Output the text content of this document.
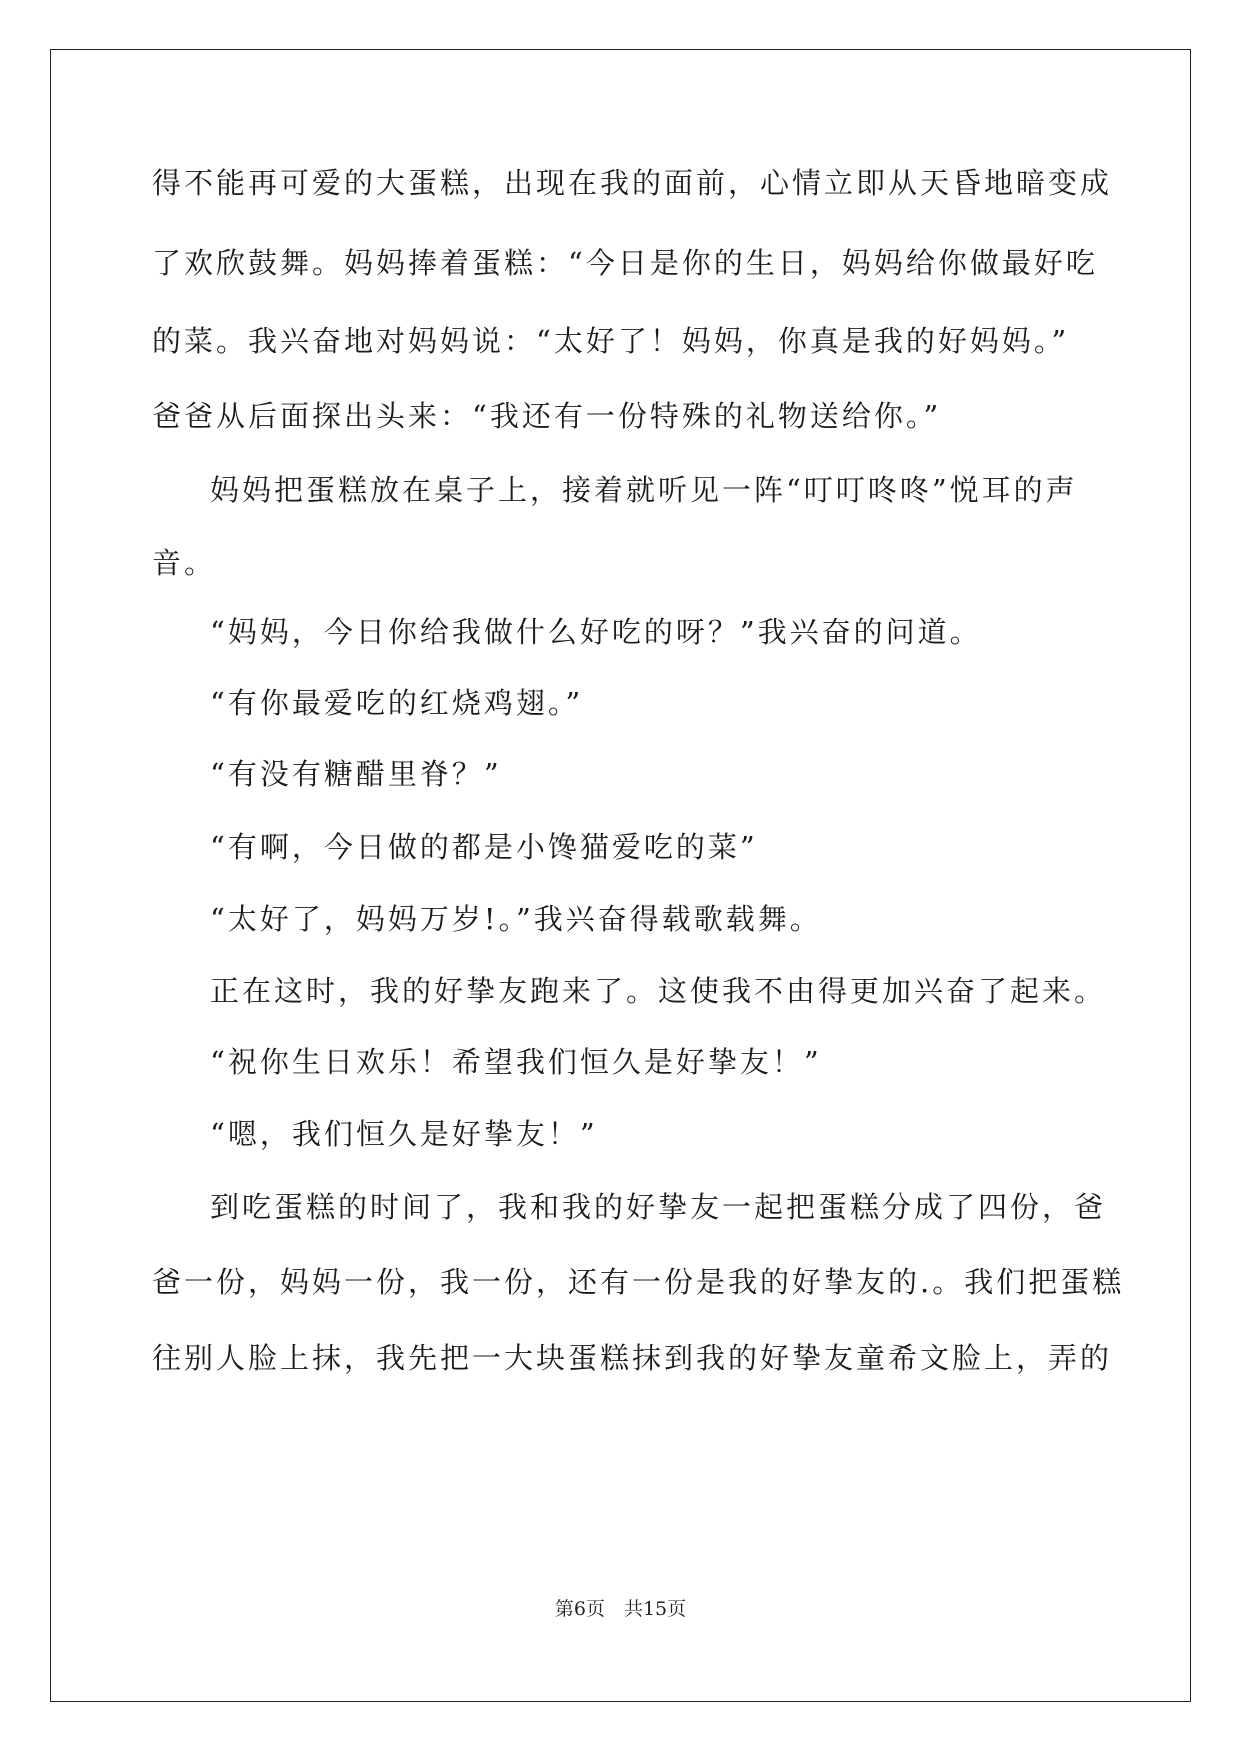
得不能再可爱的大蛋糕，出现在我的面前，心情立即从天昏地暗变成
了欢欣鼓舞。妈妈捧着蛋糕：“今日是你的生日，妈妈给你做最好吃
的菜。我兴奋地对妈妈说：“太好了！妈妈，你真是我的好妈妈。”
爸爸从后面探出头来：“我还有一份特殊的礼物送给你。”
妈妈把蛋糕放在桌子上，接着就听见一阵“叮叮咚咚”悦耳的声
音。
“妈妈，今日你给我做什么好吃的呀？”我兴奋的问道。
“有你最爱吃的红烧鸡翅。”
“有没有糖醋里脊？”
“有啊，今日做的都是小馋猫爱吃的菜”
“太好了，妈妈万岁!。”我兴奋得载歌载舞。
正在这时，我的好挚友跑来了。这使我不由得更加兴奋了起来。
“祝你生日欢乐！希望我们恒久是好挚友！”
“嗯，我们恒久是好挚友！”
到吃蛋糕的时间了，我和我的好挚友一起把蛋糕分成了四份，爸
爸一份，妈妈一份，我一份，还有一份是我的好挚友的.。我们把蛋糕
往别人脸上抹，我先把一大块蛋糕抹到我的好挚友童希文脸上，弄的
第6页　共15页
